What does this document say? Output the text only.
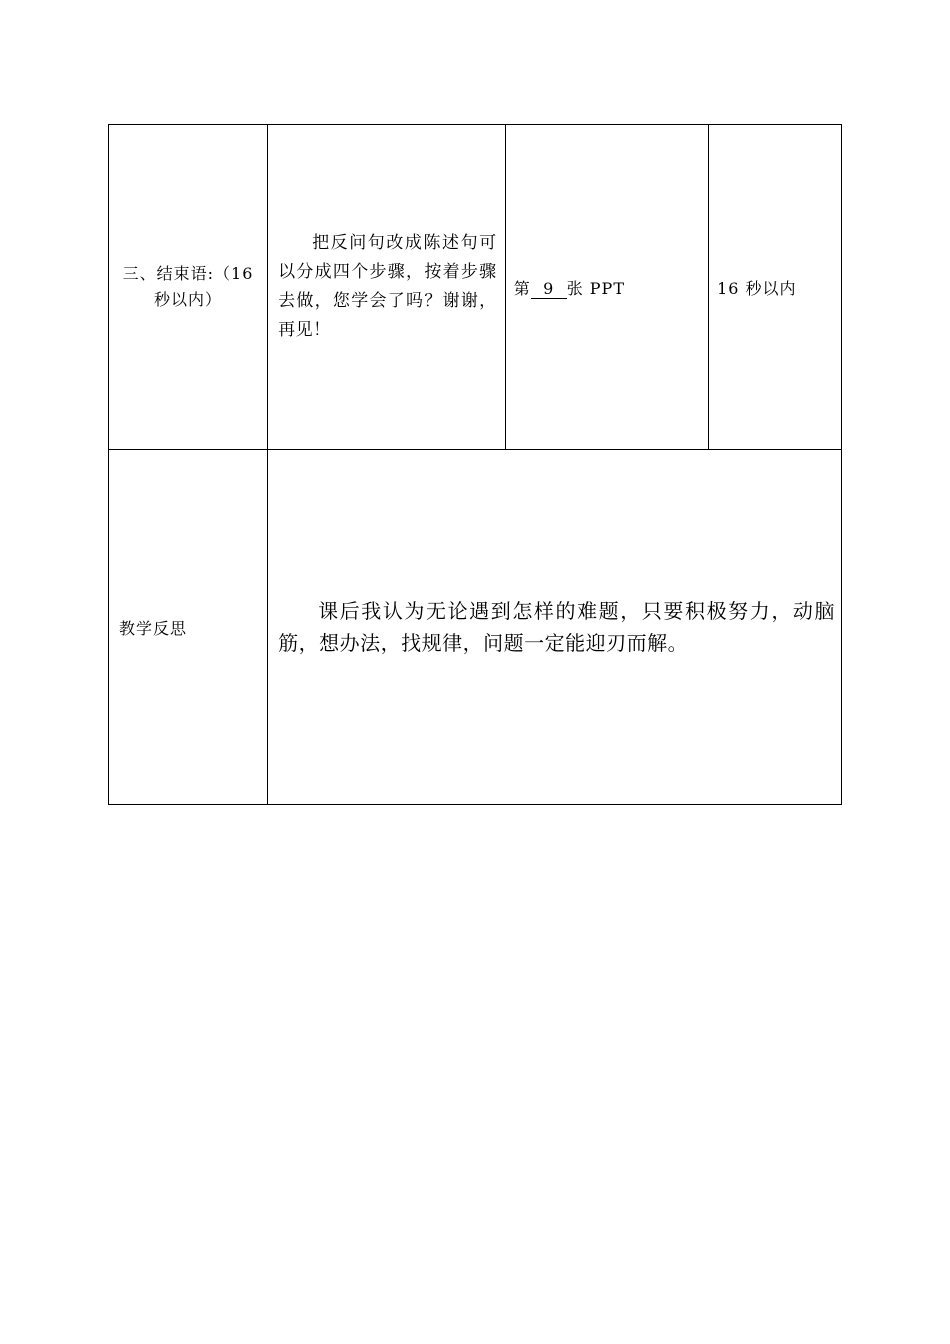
三、结束语:（16秒以内）	把反问句改成陈述句可以分成四个步骤，按着步骤去做，您学会了吗？谢谢，再见！	第 9 张 PPT	16 秒以内
教学反思	课后我认为无论遇到怎样的难题，只要积极努力，动脑筋，想办法，找规律，问题一定能迎刃而解。		
